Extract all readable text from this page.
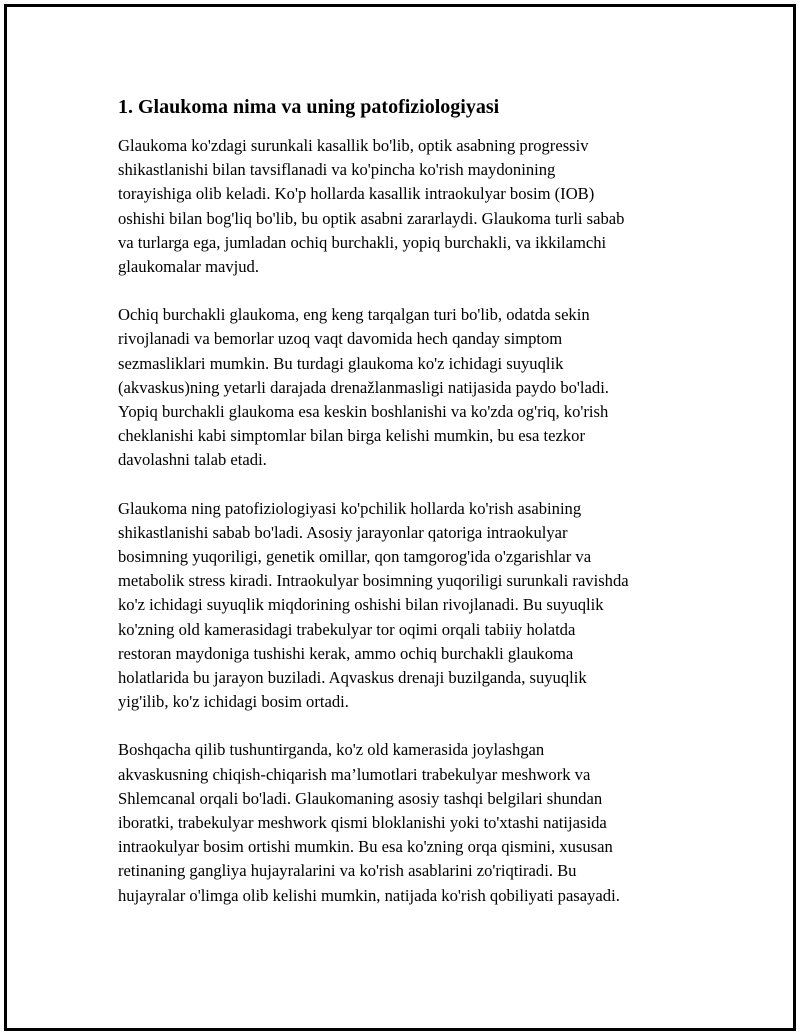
1. Glaukoma nima va uning patofiziologiyasi
Glaukoma ko'zdagi surunkali kasallik bo'lib, optik asabning progressiv
shikastlanishi bilan tavsiflanadi va ko'pincha ko'rish maydonining
torayishiga olib keladi. Ko'p hollarda kasallik intraokulyar bosim (IOB)
oshishi bilan bog'liq bo'lib, bu optik asabni zararlaydi. Glaukoma turli sabab
va turlarga ega, jumladan ochiq burchakli, yopiq burchakli, va ikkilamchi
glaukomalar mavjud.
Ochiq burchakli glaukoma, eng keng tarqalgan turi bo'lib, odatda sekin
rivojlanadi va bemorlar uzoq vaqt davomida hech qanday simptom
sezmasliklari mumkin. Bu turdagi glaukoma ko'z ichidagi suyuqlik
(akvaskus)ning yetarli darajada drenažlanmasligi natijasida paydo bo'ladi.
Yopiq burchakli glaukoma esa keskin boshlanishi va ko'zda og'riq, ko'rish
cheklanishi kabi simptomlar bilan birga kelishi mumkin, bu esa tezkor
davolashni talab etadi.
Glaukoma ning patofiziologiyasi ko'pchilik hollarda ko'rish asabining
shikastlanishi sabab bo'ladi. Asosiy jarayonlar qatoriga intraokulyar
bosimning yuqoriligi, genetik omillar, qon tamgorog'ida o'zgarishlar va
metabolik stress kiradi. Intraokulyar bosimning yuqoriligi surunkali ravishda
ko'z ichidagi suyuqlik miqdorining oshishi bilan rivojlanadi. Bu suyuqlik
ko'zning old kamerasidagi trabekulyar tor oqimi orqali tabiiy holatda
restoran maydoniga tushishi kerak, ammo ochiq burchakli glaukoma
holatlarida bu jarayon buziladi. Aqvaskus drenaji buzilganda, suyuqlik
yig'ilib, ko'z ichidagi bosim ortadi.
Boshqacha qilib tushuntirganda, ko'z old kamerasida joylashgan
akvaskusning chiqish-chiqarish ma’lumotlari trabekulyar meshwork va
Shlemcanal orqali bo'ladi. Glaukomaning asosiy tashqi belgilari shundan
iboratki, trabekulyar meshwork qismi bloklanishi yoki to'xtashi natijasida
intraokulyar bosim ortishi mumkin. Bu esa ko'zning orqa qismini, xususan
retinaning gangliya hujayralarini va ko'rish asablarini zo'riqtiradi. Bu
hujayralar o'limga olib kelishi mumkin, natijada ko'rish qobiliyati pasayadi.
